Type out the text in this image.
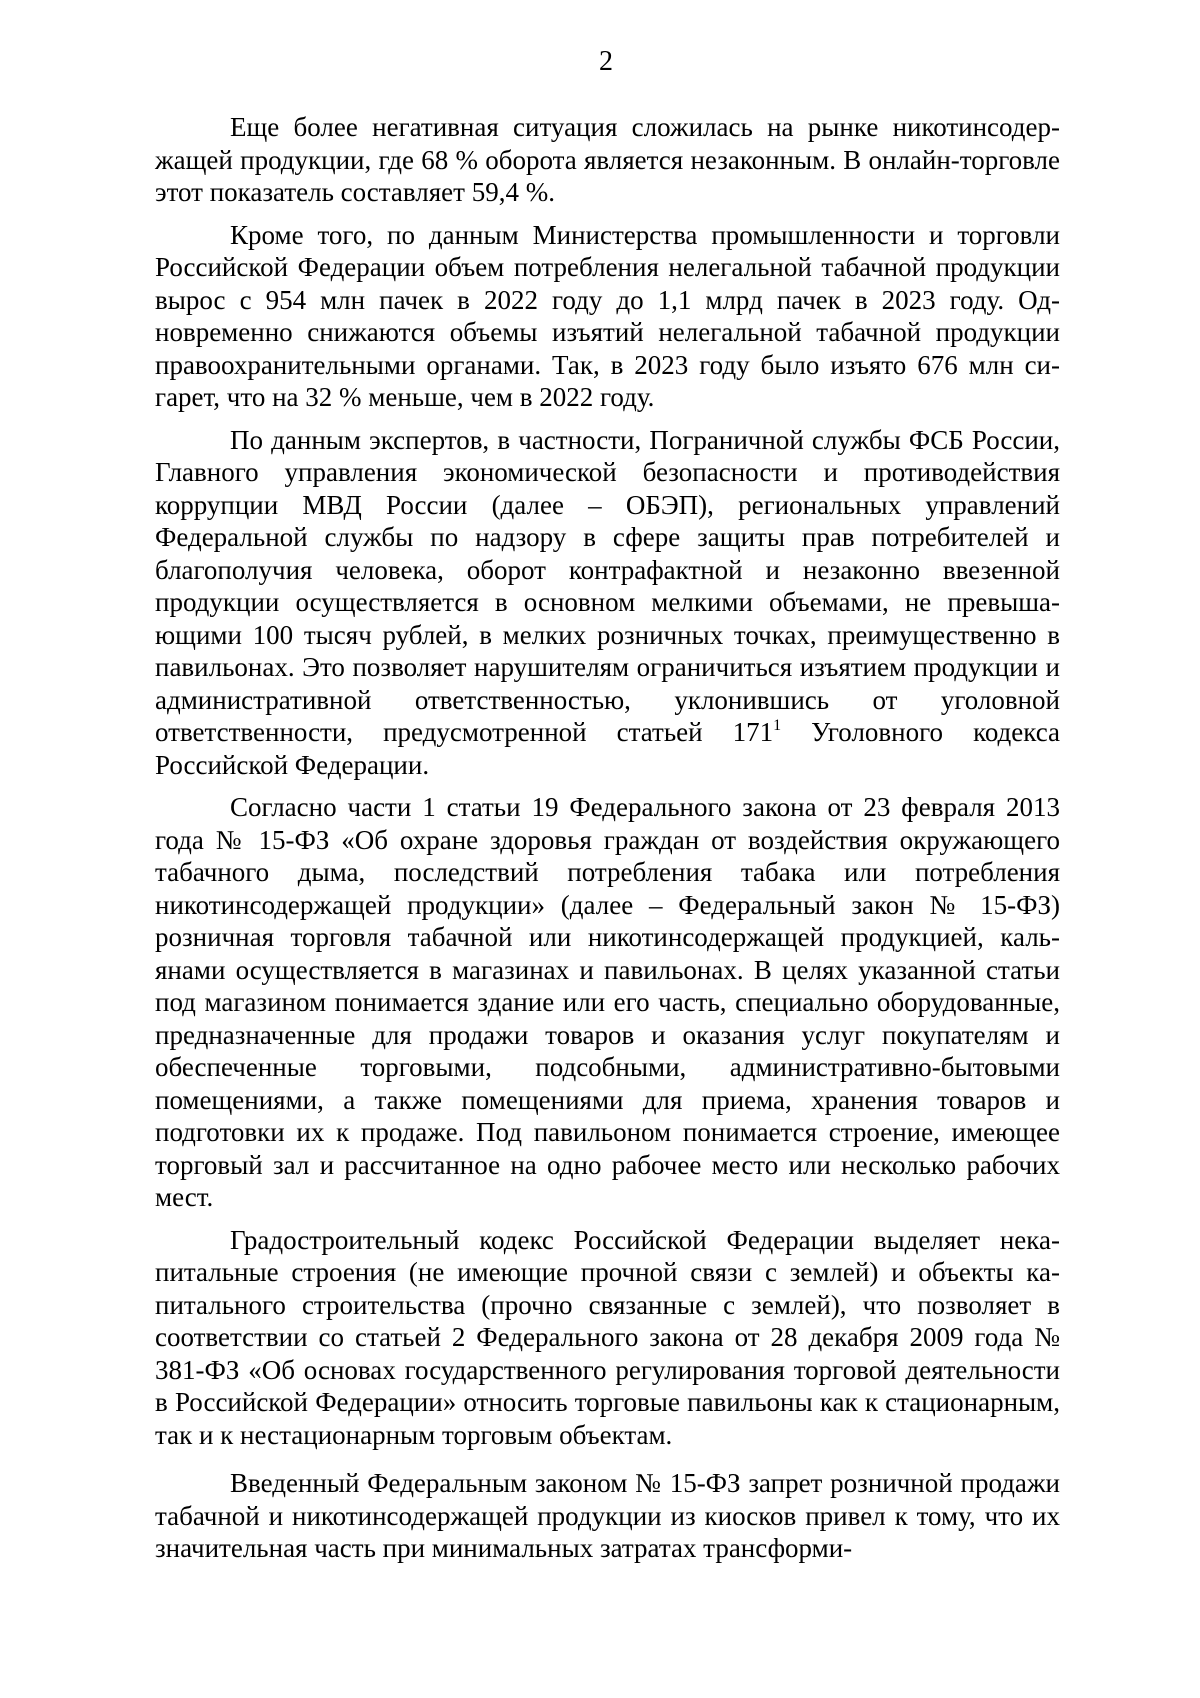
2

Еще более негативная ситуация сложилась на рынке никотинсодержащей продукции, где 68 % оборота является незаконным. В онлайн-торговле этот показатель составляет 59,4 %.

Кроме того, по данным Министерства промышленности и торговли Российской Федерации объем потребления нелегальной табачной продукции вырос с 954 млн пачек в 2022 году до 1,1 млрд пачек в 2023 году. Одновременно снижаются объемы изъятий нелегальной табачной продукции правоохранительными органами. Так, в 2023 году было изъято 676 млн сигарет, что на 32 % меньше, чем в 2022 году.

По данным экспертов, в частности, Пограничной службы ФСБ России, Главного управления экономической безопасности и противодействия коррупции МВД России (далее – ОБЭП), региональных управлений Федеральной службы по надзору в сфере защиты прав потребителей и благополучия человека, оборот контрафактной и незаконно ввезенной продукции осуществляется в основном мелкими объемами, не превышающими 100 тысяч рублей, в мелких розничных точках, преимущественно в павильонах. Это позволяет нарушителям ограничиться изъятием продукции и административной ответственностью, уклонившись от уголовной ответственности, предусмотренной статьей $171^1$ Уголовного кодекса Российской Федерации.

Согласно части 1 статьи 19 Федерального закона от 23 февраля 2013 года № 15-ФЗ «Об охране здоровья граждан от воздействия окружающего табачного дыма, последствий потребления табака или потребления никотинсодержащей продукции» (далее – Федеральный закон № 15-ФЗ) розничная торговля табачной или никотинсодержащей продукцией, кальянами осуществляется в магазинах и павильонах. В целях указанной статьи под магазином понимается здание или его часть, специально оборудованные, предназначенные для продажи товаров и оказания услуг покупателям и обеспеченные торговыми, подсобными, административно-бытовыми помещениями, а также помещениями для приема, хранения товаров и подготовки их к продаже. Под павильоном понимается строение, имеющее торговый зал и рассчитанное на одно рабочее место или несколько рабочих мест.

Градостроительный кодекс Российской Федерации выделяет некапитальные строения (не имеющие прочной связи с землей) и объекты капитального строительства (прочно связанные с землей), что позволяет в соответствии со статьей 2 Федерального закона от 28 декабря 2009 года № 381-ФЗ «Об основах государственного регулирования торговой деятельности в Российской Федерации» относить торговые павильоны как к стационарным, так и к нестационарным торговым объектам.

Введенный Федеральным законом № 15-ФЗ запрет розничной продажи табачной и никотинсодержащей продукции из киосков привел к тому, что их значительная часть при минимальных затратах трансформи-
